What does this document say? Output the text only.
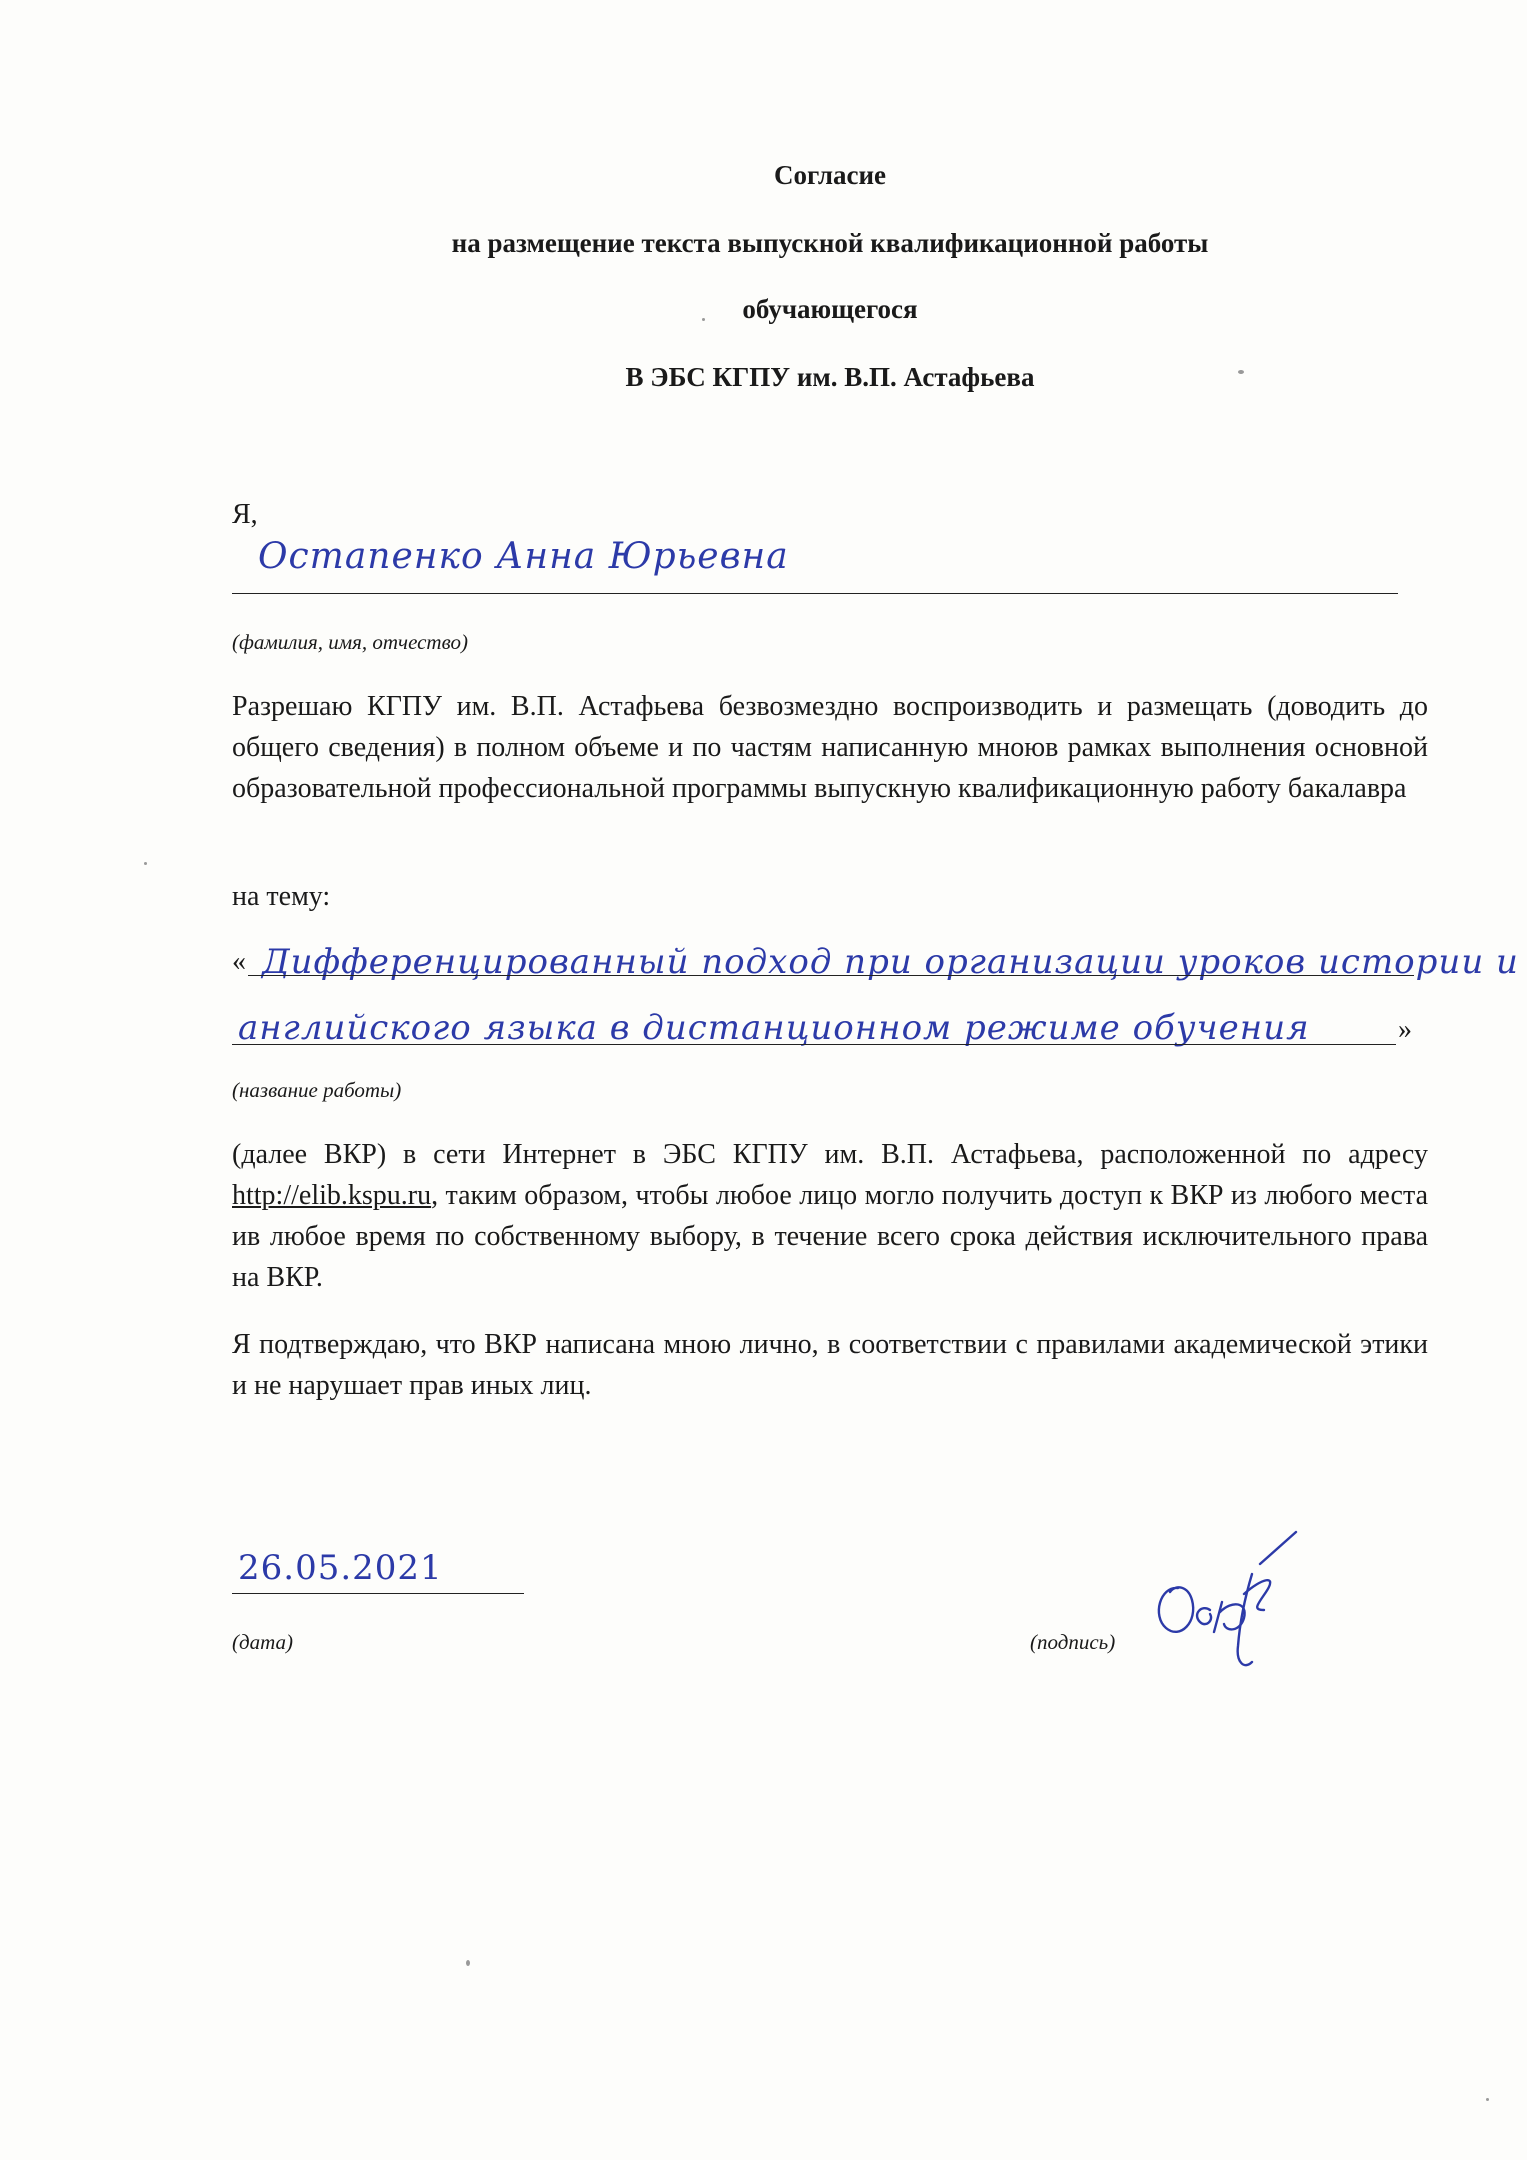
Согласие
на размещение текста выпускной квалификационной работы
обучающегося
В ЭБС КГПУ им. В.П. Астафьева
Я,
Остапенко Анна Юрьевна
(фамилия, имя, отчество)
Разрешаю КГПУ им. В.П. Астафьева безвозмездно воспроизводить и размещать (доводить до общего сведения) в полном объеме и по частям написанную мноюв рамках выполнения основной образовательной профессиональной программы выпускную квалификационную работу бакалавра
на тему:
« Дифференцированный подход при организации уроков истории и
английского языка в дистанционном режиме обучения	»
(название работы)
(далее ВКР) в сети Интернет в ЭБС КГПУ им. В.П. Астафьева, расположенной по адресу http://elib.kspu.ru, таким образом, чтобы любое лицо могло получить доступ к ВКР из любого места ив любое время по собственному выбору, в течение всего срока действия исключительного права на ВКР.
Я подтверждаю, что ВКР написана мною лично, в соответствии с правилами академической этики и не нарушает прав иных лиц.
26.05.2021
(дата)	(подпись)
